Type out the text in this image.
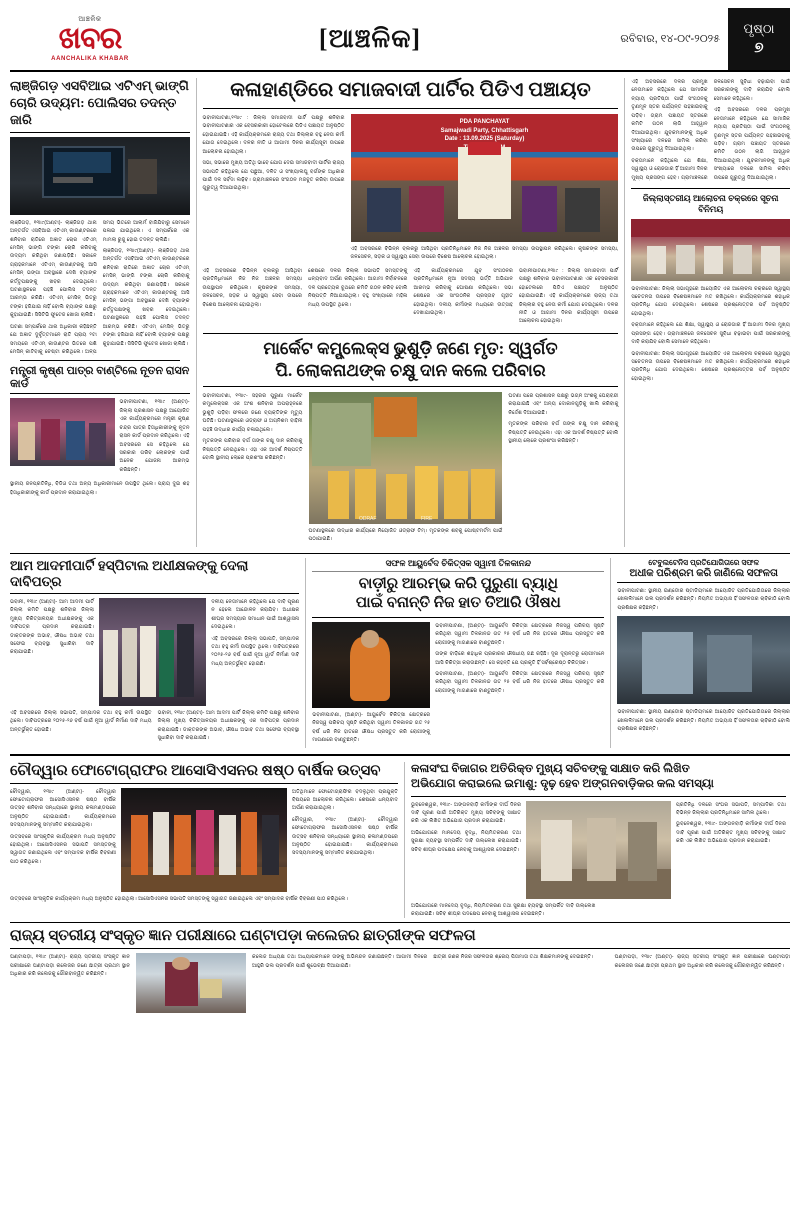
ଆଞ୍ଚଳିକ
ଖବର
AANCHALIKA KHABAR
[ଆଞ୍ଚଳିକ]	ରବିବାର, ୧୪-୦୯-୨୦୨୫
ପୃଷ୍ଠା
୭
ଲାଞ୍ଜିଗଡ଼ ଏସବିଆଇ ଏଟିଏମ୍ ଭାଙ୍ଗି
ଚୋରି ଉଦ୍ୟମ: ପୋଲିସର ତଦନ୍ତ ଜାରି

ଲାଞ୍ଜିଗଡ଼, ୧୩ା୯(ଅଣ୍ଟା)- ଲାଞ୍ଜିଗଡ଼ ଥାନା ଅନ୍ତର୍ଗତ ଏସବିଆଇ ଏଟିଏମ୍ କାଉଣ୍ଟରରେ ଶନିବାର ରାତିରେ ଅଜ୍ଞାତ ଚୋର ଏଟିଏମ୍ ମେସିନ୍ ଭାଙ୍ଗି ଟଙ୍କା ଚୋରି କରିବାକୁ ଉଦ୍ୟମ କରିଥିବା ଜଣାପଡ଼ିଛି। ସକାଳେ ଗ୍ରାହକମାନେ ଏଟିଏମ୍ କାଉଣ୍ଟରକୁ ଆସି ମେସିନ୍ ଭଙ୍ଗା ଅବସ୍ଥାରେ ଦେଖି ବ୍ୟାଙ୍କ କର୍ତ୍ତୃପକ୍ଷଙ୍କୁ ଖବର ଦେଇଥିଲେ। ଘଟଣାସ୍ଥଳରେ ପହଞ୍ଚି ପୋଲିସ ତଦନ୍ତ ଆରମ୍ଭ କରିଛି। ଏଟିଏମ୍ ମେସିନ୍ ଭିତରୁ ଟଙ୍କା ହଜିଯାଇ ନାହିଁ ବୋଲି ବ୍ୟାଙ୍କ ପକ୍ଷରୁ କୁହାଯାଇଛି। ସିସିଟିଭି ଫୁଟେଜ ଖୋଜା ଚାଲିଛି।

ଘଟଣା ସମ୍ପର୍କରେ ଥାନା ଅଧିକାରୀ କହିଛନ୍ତି ଯେ ଅଜ୍ଞାତ ଦୁର୍ବୃତ୍ତମାନେ ରାତି ପ୍ରାୟ ୨ଟା ସମୟରେ ଏଟିଏମ୍ କାଉଣ୍ଟର ଭିତରେ ପଶି ମେସିନ୍ କାଟିବାକୁ ଚେଷ୍ଟା କରିଥିଲେ। ଅଳ୍ପ ସମୟ ଭିତରେ ଆଲାର୍ମ ବାଜିଯିବାରୁ ସେମାନେ ପଳାଇ ଯାଇଥିଲେ। ଏ ସମ୍ପର୍କରେ ଏକ ମାମଲା ରୁଜୁ ହୋଇ ତଦନ୍ତ ଚାଲିଛି।

ଲାଞ୍ଜିଗଡ଼, ୧୩ା୯(ଅଣ୍ଟା)- ଲାଞ୍ଜିଗଡ଼ ଥାନା ଅନ୍ତର୍ଗତ ଏସବିଆଇ ଏଟିଏମ୍ କାଉଣ୍ଟରରେ ଶନିବାର ରାତିରେ ଅଜ୍ଞାତ ଚୋର ଏଟିଏମ୍ ମେସିନ୍ ଭାଙ୍ଗି ଟଙ୍କା ଚୋରି କରିବାକୁ ଉଦ୍ୟମ କରିଥିବା ଜଣାପଡ଼ିଛି। ସକାଳେ ଗ୍ରାହକମାନେ ଏଟିଏମ୍ କାଉଣ୍ଟରକୁ ଆସି ମେସିନ୍ ଭଙ୍ଗା ଅବସ୍ଥାରେ ଦେଖି ବ୍ୟାଙ୍କ କର୍ତ୍ତୃପକ୍ଷଙ୍କୁ ଖବର ଦେଇଥିଲେ। ଘଟଣାସ୍ଥଳରେ ପହଞ୍ଚି ପୋଲିସ ତଦନ୍ତ ଆରମ୍ଭ କରିଛି। ଏଟିଏମ୍ ମେସିନ୍ ଭିତରୁ ଟଙ୍କା ହଜିଯାଇ ନାହିଁ ବୋଲି ବ୍ୟାଙ୍କ ପକ୍ଷରୁ କୁହାଯାଇଛି। ସିସିଟିଭି ଫୁଟେଜ ଖୋଜା ଚାଲିଛି।

ମନ୍ତ୍ରୀ କୃଷ୍ଣ ପାତ୍ର ବାଣ୍ଟିଲେ ନୂତନ ରାସନ କାର୍ଡ

ଭବାନୀପାଟଣା, ୧୩ା୯ (ଅଣ୍ଟା)- ଜିଲ୍ଲା ପ୍ରଶାସନ ପକ୍ଷରୁ ଆୟୋଜିତ ଏକ କାର୍ଯ୍ୟକ୍ରମରେ ମନ୍ତ୍ରୀ କୃଷ୍ଣ ଚନ୍ଦ୍ର ପାତ୍ର ହିତାଧିକାରୀଙ୍କୁ ନୂତନ ରାସନ କାର୍ଡ ପ୍ରଦାନ କରିଥିଲେ। ଏହି ଅବସରରେ ସେ କହିଥିଲେ ଯେ ସରକାର ଗରିବ ଲୋକଙ୍କ ପାଇଁ ଅନେକ ଯୋଜନା ଆରମ୍ଭ କରିଛନ୍ତି।

ସ୍ଥାନୀୟ ଜନପ୍ରତିନିଧି, ବିଡିଓ ତଥା ଅନ୍ୟ ଅଧିକାରୀମାନେ ଉପସ୍ଥିତ ଥିଲେ। ପ୍ରାୟ ଦୁଇ ଶହ ହିତାଧିକାରୀଙ୍କୁ କାର୍ଡ ପ୍ରଦାନ କରାଯାଇଥିଲା।

କଳାହାଣ୍ଡିରେ ସମାଜବାଦୀ ପାର୍ଟିର ପିଡିଏ ପଞ୍ଚାୟତ

ଭବାନୀପାଟଣା,୧୩ା୯ : ଜିଲ୍ଲା ସମାଜବାଦୀ ପାର୍ଟି ପକ୍ଷରୁ ଶନିବାର ଭବାନୀପାଟଣାର ଏକ ବେସରକାରୀ ହୋଟେଲରେ ପିଡିଏ ପଞ୍ଚାୟତ ଅନୁଷ୍ଠିତ ହୋଇଯାଇଛି। ଏହି କାର୍ଯ୍ୟକ୍ରମରେ ରାଜ୍ୟ ତଥା ଜିଲ୍ଲାର ବହୁ ନେତା କର୍ମୀ ଯୋଗ ଦେଇଥିଲେ। ଦଳର ନୀତି ଓ ଆଗାମୀ ଦିନର କାର୍ଯ୍ୟସୂଚୀ ଉପରେ ଆଲୋଚନା ହୋଇଥିଲା।

ସଭା, ସଭାରେ ମୁଖ୍ୟ ଅତିଥି ଭାବେ ଯୋଗ ଦେଇ ସମାଜବାଦୀ ପାର୍ଟିର ରାଜ୍ୟ ସଭାପତି କହିଥିଲେ ଯେ ପଛୁଆ, ଦଳିତ ଓ ସଂଖ୍ୟାଲଘୁ ବର୍ଗଙ୍କ ଅଧିକାର ପାଇଁ ଦଳ ସର୍ବଦା ଲଢ଼ିବ। ଗ୍ରାମାଞ୍ଚଳରେ ସଂଗଠନ ମଜବୁତ କରିବା ଉପରେ ଗୁରୁତ୍ୱ ଦିଆଯାଇଥିଲା।

PDA PANCHAYAT
Samajwadi Party, Chhattisgarh
Date : 13.09.2025 (Saturday)

ଏହି ଅବସରରେ ବିଭିନ୍ନ ବ୍ଲକରୁ ଆସିଥିବା ପ୍ରତିନିଧିମାନେ ନିଜ ନିଜ ଅଞ୍ଚଳର ସମସ୍ୟା ଉପସ୍ଥାପନ କରିଥିଲେ। କୃଷକଙ୍କ ସମସ୍ୟା, ଜଳସେଚନ, ସଡ଼କ ଓ ସ୍ୱାସ୍ଥ୍ୟ ସେବା ଉପରେ ବିଶେଷ ଆଲୋଚନା ହୋଇଥିଲା।

ଏହି ଅବସରରେ ବିଭିନ୍ନ ବ୍ଲକରୁ ଆସିଥିବା ପ୍ରତିନିଧିମାନେ ନିଜ ନିଜ ଅଞ୍ଚଳର ସମସ୍ୟା ଉପସ୍ଥାପନ କରିଥିଲେ। କୃଷକଙ୍କ ସମସ୍ୟା, ଜଳସେଚନ, ସଡ଼କ ଓ ସ୍ୱାସ୍ଥ୍ୟ ସେବା ଉପରେ ବିଶେଷ ଆଲୋଚନା ହୋଇଥିଲା।

ଶେଷରେ ଦଳର ଜିଲ୍ଲା ସଭାପତି ସମସ୍ତଙ୍କୁ ଧନ୍ୟବାଦ ଅର୍ପଣ କରିଥିଲେ। ଆଗାମୀ ନିର୍ବାଚନରେ ଦଳ ପ୍ରତ୍ୟେକ ବୁଥରେ କମିଟି ଗଠନ କରିବ ବୋଲି ନିଷ୍ପତ୍ତି ନିଆଯାଇଥିଲା। ବହୁ ସଂଖ୍ୟାରେ ମହିଳା ମଧ୍ୟ ଉପସ୍ଥିତ ଥିଲେ।

ଏହି କାର୍ଯ୍ୟକ୍ରମରେ ଯୁବ ସଂଗଠନର ପ୍ରତିନିଧିମାନେ ନୂଆ ସଦସ୍ୟ ଭର୍ତ୍ତି ଅଭିଯାନ ଆରମ୍ଭ କରିବାକୁ ଘୋଷଣା କରିଥିଲେ। ସଭା ଶେଷରେ ଏକ ସାଂଗଠନିକ ପ୍ରସ୍ତାବ ଗୃହୀତ ହୋଇଥିଲା। ଦଳୀୟ କର୍ମୀଙ୍କ ମଧ୍ୟରେ ଉତ୍ସାହ ଦେଖାଯାଇଥିଲା।

ଭବାନୀପାଟଣା,୧୩ା୯ : ଜିଲ୍ଲା ସମାଜବାଦୀ ପାର୍ଟି ପକ୍ଷରୁ ଶନିବାର ଭବାନୀପାଟଣାର ଏକ ବେସରକାରୀ ହୋଟେଲରେ ପିଡିଏ ପଞ୍ଚାୟତ ଅନୁଷ୍ଠିତ ହୋଇଯାଇଛି। ଏହି କାର୍ଯ୍ୟକ୍ରମରେ ରାଜ୍ୟ ତଥା ଜିଲ୍ଲାର ବହୁ ନେତା କର୍ମୀ ଯୋଗ ଦେଇଥିଲେ। ଦଳର ନୀତି ଓ ଆଗାମୀ ଦିନର କାର୍ଯ୍ୟସୂଚୀ ଉପରେ ଆଲୋଚନା ହୋଇଥିଲା।

ମାର୍କେଟ କମ୍ପ୍ଲେକ୍ସ ଭୁଶୁଡ଼ି ଜଣେ ମୃତ: ସ୍ୱର୍ଗତ
ପି. ଲୋକନାଥଙ୍କ ଚକ୍ଷୁ ଦାନ କଲେ ପରିବାର

ଭବାନୀପାଟଣା, ୧୩ା୯- ସହରର ପୁରୁଣା ମାର୍କେଟ କମ୍ପ୍ଲେକ୍ସର ଏକ ଅଂଶ ଶନିବାର ଅପରାହ୍ନରେ ଭୁଶୁଡ଼ି ପଡ଼ିବା ଫଳରେ ଜଣେ ବ୍ୟକ୍ତିଙ୍କ ମୃତ୍ୟୁ ଘଟିଛି। ଘଟଣାସ୍ଥଳରେ ଓଡ୍ରାଫ ଓ ଅଗ୍ନିଶମ ବାହିନୀ ପହଞ୍ଚି ଉଦ୍ଧାର କାର୍ଯ୍ୟ ଚଳାଇଥିଲେ।

ମୃତକଙ୍କ ପରିବାର ବର୍ଗ ତାଙ୍କ ଚକ୍ଷୁ ଦାନ କରିବାକୁ ନିଷ୍ପତ୍ତି ନେଇଥିଲେ। ଏହା ଏକ ଆଦର୍ଶ ନିଷ୍ପତ୍ତି ବୋଲି ସ୍ଥାନୀୟ ଲୋକେ ପ୍ରଶଂସା କରିଛନ୍ତି।

ODRAF	FIRE

ଘଟଣାସ୍ଥଳରେ ଉଦ୍ଧାର କାର୍ଯ୍ୟରେ ନିୟୋଜିତ ଓଡ୍ରାଫ ଟିମ୍। ମୃତକଙ୍କ ଶବକୁ ପୋଷ୍ଟମର୍ଟମ ପାଇଁ ପଠାଯାଇଛି।

ଘଟଣା ପରେ ପ୍ରଶାସନ ପକ୍ଷରୁ ଭଗ୍ନ ଅଂଶକୁ ଘେରାବନ୍ଦୀ କରାଯାଇଛି ଏବଂ ଅନ୍ୟ ଦୋକାନଗୁଡ଼ିକୁ ଖାଲି କରିବାକୁ ନିର୍ଦ୍ଦେଶ ଦିଆଯାଇଛି।

ମୃତକଙ୍କ ପରିବାର ବର୍ଗ ତାଙ୍କ ଚକ୍ଷୁ ଦାନ କରିବାକୁ ନିଷ୍ପତ୍ତି ନେଇଥିଲେ। ଏହା ଏକ ଆଦର୍ଶ ନିଷ୍ପତ୍ତି ବୋଲି ସ୍ଥାନୀୟ ଲୋକେ ପ୍ରଶଂସା କରିଛନ୍ତି।

ଏହି ଅବସରରେ ଦଳର ପ୍ରମୁଖ ନେତାମାନେ କହିଥିଲେ ଯେ ସାମାଜିକ ନ୍ୟାୟ ପ୍ରତିଷ୍ଠା ପାଇଁ ସଂଗଠନକୁ ତୃଣମୂଳ ସ୍ତର ପର୍ଯ୍ୟନ୍ତ ପହଞ୍ଚାଇବାକୁ ପଡ଼ିବ। ଗ୍ରାମ ପଞ୍ଚାୟତ ସ୍ତରରେ କମିଟି ଗଠନ ଲାଗି ଆହ୍ୱାନ ଦିଆଯାଇଥିଲା। ଯୁବକମାନଙ୍କୁ ଅଧିକ ସଂଖ୍ୟାରେ ଦଳରେ ସାମିଲ କରିବା ଉପରେ ଗୁରୁତ୍ୱ ଦିଆଯାଇଥିଲା।

ବକ୍ତାମାନେ କହିଥିଲେ ଯେ ଶିକ୍ଷା, ସ୍ୱାସ୍ଥ୍ୟ ଓ ରୋଜଗାର ହିଁ ଆଗାମୀ ଦିନର ମୁଖ୍ୟ ପ୍ରସଙ୍ଗ ହେବ। ଗ୍ରାମାଞ୍ଚଳରେ ଜଳସେଚନ ସୁବିଧା ବଢ଼ାଇବା ପାଇଁ ସରକାରଙ୍କୁ ଦାବି କରାଯିବ ବୋଲି ସେମାନେ କହିଥିଲେ।

ଏହି ଅବସରରେ ଦଳର ପ୍ରମୁଖ ନେତାମାନେ କହିଥିଲେ ଯେ ସାମାଜିକ ନ୍ୟାୟ ପ୍ରତିଷ୍ଠା ପାଇଁ ସଂଗଠନକୁ ତୃଣମୂଳ ସ୍ତର ପର୍ଯ୍ୟନ୍ତ ପହଞ୍ଚାଇବାକୁ ପଡ଼ିବ। ଗ୍ରାମ ପଞ୍ଚାୟତ ସ୍ତରରେ କମିଟି ଗଠନ ଲାଗି ଆହ୍ୱାନ ଦିଆଯାଇଥିଲା। ଯୁବକମାନଙ୍କୁ ଅଧିକ ସଂଖ୍ୟାରେ ଦଳରେ ସାମିଲ କରିବା ଉପରେ ଗୁରୁତ୍ୱ ଦିଆଯାଇଥିଲା।

ଜିଲ୍ଲାସ୍ତରୀୟ ଆଲୋଚନା ଚକ୍ରରେ ସୂଚନା ବିନିମୟ

ଭବାନୀପାଟଣା: ଜିଲ୍ଲା ସଭାଗୃହରେ ଆୟୋଜିତ ଏକ ଆଲୋଚନା ଚକ୍ରରେ ସ୍ୱାସ୍ଥ୍ୟ ସଚେତନତା ଉପରେ ବିଶେଷଜ୍ଞମାନେ ମତ ରଖିଥିଲେ। କାର୍ଯ୍ୟକ୍ରମରେ ଶହାଧିକ ପ୍ରତିନିଧି ଯୋଗ ଦେଇଥିଲେ। ଶେଷରେ ପ୍ରଶ୍ନୋତ୍ତର ପର୍ବ ଅନୁଷ୍ଠିତ ହୋଇଥିଲା।

ବକ୍ତାମାନେ କହିଥିଲେ ଯେ ଶିକ୍ଷା, ସ୍ୱାସ୍ଥ୍ୟ ଓ ରୋଜଗାର ହିଁ ଆଗାମୀ ଦିନର ମୁଖ୍ୟ ପ୍ରସଙ୍ଗ ହେବ। ଗ୍ରାମାଞ୍ଚଳରେ ଜଳସେଚନ ସୁବିଧା ବଢ଼ାଇବା ପାଇଁ ସରକାରଙ୍କୁ ଦାବି କରାଯିବ ବୋଲି ସେମାନେ କହିଥିଲେ।

ଭବାନୀପାଟଣା: ଜିଲ୍ଲା ସଭାଗୃହରେ ଆୟୋଜିତ ଏକ ଆଲୋଚନା ଚକ୍ରରେ ସ୍ୱାସ୍ଥ୍ୟ ସଚେତନତା ଉପରେ ବିଶେଷଜ୍ଞମାନେ ମତ ରଖିଥିଲେ। କାର୍ଯ୍ୟକ୍ରମରେ ଶହାଧିକ ପ୍ରତିନିଧି ଯୋଗ ଦେଇଥିଲେ। ଶେଷରେ ପ୍ରଶ୍ନୋତ୍ତର ପର୍ବ ଅନୁଷ୍ଠିତ ହୋଇଥିଲା।

ଆମ ଆଦମୀପାର୍ଟି ହସ୍ପିଟାଲ ଅଧୀକ୍ଷକଙ୍କୁ ଦେଲା ଦାବିପତ୍ର

ଭବାନୀ, ୧୩ା୯ (ଅଣ୍ଟା)- ଆମ ଆଦମୀ ପାର୍ଟି ଜିଲ୍ଲା କମିଟି ପକ୍ଷରୁ ଶନିବାର ଜିଲ୍ଲା ମୁଖ୍ୟ ଚିକିତ୍ସାଳୟର ଅଧୀକ୍ଷକଙ୍କୁ ଏକ ଦାବିପତ୍ର ପ୍ରଦାନ କରାଯାଇଛି। ଡାକ୍ତରଙ୍କ ଅଭାବ, ଔଷଧ ଅଭାବ ତଥା ସଫେଇ ବ୍ୟବସ୍ଥା ସୁଧାରିବା ଦାବି କରାଯାଇଛି।

ଦଳୀୟ ନେତାମାନେ କହିଥିଲେ ଯେ ଦାବି ପୂରଣ ନ ହେଲେ ଆନ୍ଦୋଳନ କରାଯିବ। ଅଧୀକ୍ଷକ ଶୀଘ୍ର ସମସ୍ୟାର ସମାଧାନ ପାଇଁ ଆଶ୍ୱାସନା ଦେଇଥିଲେ।

ଏହି ଅବସରରେ ଜିଲ୍ଲା ସଭାପତି, ସମ୍ପାଦକ ତଥା ବହୁ କର୍ମୀ ଉପସ୍ଥିତ ଥିଲେ। ଦାବିପତ୍ରରେ ୨୦୨୫-୨୬ ବର୍ଷ ପାଇଁ ନୂଆ ୱାର୍ଡ ନିର୍ମାଣ ଦାବି ମଧ୍ୟ ଅନ୍ତର୍ଭୁକ୍ତ ହୋଇଛି।

ଏହି ଅବସରରେ ଜିଲ୍ଲା ସଭାପତି, ସମ୍ପାଦକ ତଥା ବହୁ କର୍ମୀ ଉପସ୍ଥିତ ଥିଲେ। ଦାବିପତ୍ରରେ ୨୦୨୫-୨୬ ବର୍ଷ ପାଇଁ ନୂଆ ୱାର୍ଡ ନିର୍ମାଣ ଦାବି ମଧ୍ୟ ଅନ୍ତର୍ଭୁକ୍ତ ହୋଇଛି।

ଭବାନୀ, ୧୩ା୯ (ଅଣ୍ଟା)- ଆମ ଆଦମୀ ପାର୍ଟି ଜିଲ୍ଲା କମିଟି ପକ୍ଷରୁ ଶନିବାର ଜିଲ୍ଲା ମୁଖ୍ୟ ଚିକିତ୍ସାଳୟର ଅଧୀକ୍ଷକଙ୍କୁ ଏକ ଦାବିପତ୍ର ପ୍ରଦାନ କରାଯାଇଛି। ଡାକ୍ତରଙ୍କ ଅଭାବ, ଔଷଧ ଅଭାବ ତଥା ସଫେଇ ବ୍ୟବସ୍ଥା ସୁଧାରିବା ଦାବି କରାଯାଇଛି।

ସଫଳ ଆୟୁର୍ବେଦ ଚିକିତ୍ସକ ସ୍ୱାମୀ ତିଳକାନନ୍ଦ
ବାଡ଼ୀରୁ ଆରମ୍ଭ କରି ପୁରୁଣା ବ୍ୟାଧି
ପାଇଁ ବନାନ୍ତି ନିଜ ହାତ ତିଆରି ଔଷଧ

ଭବାନୀପାଟଣା, (ଅଣ୍ଟା)- ଆୟୁର୍ବେଦ ଚିକିତ୍ସା କ୍ଷେତ୍ରରେ ନିଜସ୍ୱ ପରିଚୟ ସୃଷ୍ଟି କରିଥିବା ସ୍ୱାମୀ ତିଳକାନନ୍ଦ ଗତ ୨୫ ବର୍ଷ ଧରି ନିଜ ହାତରେ ଔଷଧ ପ୍ରସ୍ତୁତ କରି ରୋଗୀଙ୍କୁ ମାଗଣାରେ ବାଣ୍ଟୁଛନ୍ତି।

ଭବାନୀପାଟଣା, (ଅଣ୍ଟା)- ଆୟୁର୍ବେଦ ଚିକିତ୍ସା କ୍ଷେତ୍ରରେ ନିଜସ୍ୱ ପରିଚୟ ସୃଷ୍ଟି କରିଥିବା ସ୍ୱାମୀ ତିଳକାନନ୍ଦ ଗତ ୨୫ ବର୍ଷ ଧରି ନିଜ ହାତରେ ଔଷଧ ପ୍ରସ୍ତୁତ କରି ରୋଗୀଙ୍କୁ ମାଗଣାରେ ବାଣ୍ଟୁଛନ୍ତି।

ତାଙ୍କ ବାଡ଼ିରେ ଶହାଧିକ ପ୍ରକାରର ଔଷଧୀୟ ଗଛ ରହିଛି। ଦୂର ଦୂରାନ୍ତରୁ ରୋଗୀମାନେ ଆସି ଚିକିତ୍ସା କରାଉଛନ୍ତି। ସେ କହନ୍ତି ଯେ ପ୍ରକୃତି ହିଁ ସର୍ବଶ୍ରେଷ୍ଠ ଚିକିତ୍ସକ।

ଭବାନୀପାଟଣା, (ଅଣ୍ଟା)- ଆୟୁର୍ବେଦ ଚିକିତ୍ସା କ୍ଷେତ୍ରରେ ନିଜସ୍ୱ ପରିଚୟ ସୃଷ୍ଟି କରିଥିବା ସ୍ୱାମୀ ତିଳକାନନ୍ଦ ଗତ ୨୫ ବର୍ଷ ଧରି ନିଜ ହାତରେ ଔଷଧ ପ୍ରସ୍ତୁତ କରି ରୋଗୀଙ୍କୁ ମାଗଣାରେ ବାଣ୍ଟୁଛନ୍ତି।

ଟେବୁଲଟେନିସ ପ୍ରତିଯୋଗିତାରେ ସଫଳ
ଅଧୀକ ପରିଶ୍ରମ କରି ଜାଣିଲେ ସଫଳତା

ଭବାନୀପାଟଣା: ସ୍ଥାନୀୟ ଇଣ୍ଡୋର ଷ୍ଟାଡିୟମରେ ଆୟୋଜିତ ପ୍ରତିଯୋଗିତାରେ ଜିଲ୍ଲାର ଖେଳାଳିମାନେ ଭଲ ପ୍ରଦର୍ଶନ କରିଛନ୍ତି। ନିୟମିତ ଅଭ୍ୟାସ ହିଁ ସଫଳତାର ଚାବିକାଠି ବୋଲି ପ୍ରଶିକ୍ଷକ କହିଛନ୍ତି।

ଭବାନୀପାଟଣା: ସ୍ଥାନୀୟ ଇଣ୍ଡୋର ଷ୍ଟାଡିୟମରେ ଆୟୋଜିତ ପ୍ରତିଯୋଗିତାରେ ଜିଲ୍ଲାର ଖେଳାଳିମାନେ ଭଲ ପ୍ରଦର୍ଶନ କରିଛନ୍ତି। ନିୟମିତ ଅଭ୍ୟାସ ହିଁ ସଫଳତାର ଚାବିକାଠି ବୋଲି ପ୍ରଶିକ୍ଷକ କହିଛନ୍ତି।

ଚୌଦ୍ୱାର ଫୋଟୋଗ୍ରାଫର ଆସୋସିଏସନର ଷଷ୍ଠ ବାର୍ଷିକ ଉତ୍ସବ

ଚୌଦ୍ୱାର, ୧୩ା୯ (ଅଣ୍ଟା)- ଚୌଦ୍ୱାର ଫୋଟୋଗ୍ରାଫର ଆସୋସିଏସନର ଷଷ୍ଠ ବାର୍ଷିକ ଉତ୍ସବ ଶନିବାର ସନ୍ଧ୍ୟାରେ ସ୍ଥାନୀୟ କଳାମଣ୍ଡପରେ ଅନୁଷ୍ଠିତ ହୋଇଯାଇଛି। କାର୍ଯ୍ୟକ୍ରମରେ ସଦସ୍ୟମାନଙ୍କୁ ସମ୍ମାନିତ କରାଯାଇଥିଲା।

ଉତ୍ସବରେ ସାଂସ୍କୃତିକ କାର୍ଯ୍ୟକ୍ରମ ମଧ୍ୟ ଅନୁଷ୍ଠିତ ହୋଇଥିଲା। ଆସୋସିଏସନର ସଭାପତି ସମସ୍ତଙ୍କୁ ସ୍ୱାଗତ ଜଣାଇଥିଲେ ଏବଂ ସମ୍ପାଦକ ବାର୍ଷିକ ବିବରଣୀ ପାଠ କରିଥିଲେ।

ଅତିଥିମାନେ ଫୋଟୋଗ୍ରାଫିର ବଦଳୁଥିବା ପ୍ରଯୁକ୍ତି ବିଷୟରେ ଆଲୋଚନା କରିଥିଲେ। ଶେଷରେ ଧନ୍ୟବାଦ ଅର୍ପଣ କରାଯାଇଥିଲା।

ଚୌଦ୍ୱାର, ୧୩ା୯ (ଅଣ୍ଟା)- ଚୌଦ୍ୱାର ଫୋଟୋଗ୍ରାଫର ଆସୋସିଏସନର ଷଷ୍ଠ ବାର୍ଷିକ ଉତ୍ସବ ଶନିବାର ସନ୍ଧ୍ୟାରେ ସ୍ଥାନୀୟ କଳାମଣ୍ଡପରେ ଅନୁଷ୍ଠିତ ହୋଇଯାଇଛି। କାର୍ଯ୍ୟକ୍ରମରେ ସଦସ୍ୟମାନଙ୍କୁ ସମ୍ମାନିତ କରାଯାଇଥିଲା।

ଉତ୍ସବରେ ସାଂସ୍କୃତିକ କାର୍ଯ୍ୟକ୍ରମ ମଧ୍ୟ ଅନୁଷ୍ଠିତ ହୋଇଥିଲା। ଆସୋସିଏସନର ସଭାପତି ସମସ୍ତଙ୍କୁ ସ୍ୱାଗତ ଜଣାଇଥିଲେ ଏବଂ ସମ୍ପାଦକ ବାର୍ଷିକ ବିବରଣୀ ପାଠ କରିଥିଲେ।

କଳାସଂଘ ବିଜାଗର ଅତିରିକ୍ତ ମୁଖ୍ୟ ସଚିବଙ୍କୁ ସାକ୍ଷାତ କରି ଲିଖିତ
ଅଭିଯୋଗ କରାଇଲେ ଇମାଶୁ: ଦୃଢ଼ ହେବ ଅଙ୍ଗନବାଡ଼ିକର କଲ ସମସ୍ୟା

ଭୁବନେଶ୍ୱର, ୧୩ା୯- ଅଙ୍ଗନବାଡ଼ି କର୍ମୀଙ୍କ ଦୀର୍ଘ ଦିନର ଦାବି ପୂରଣ ପାଇଁ ଅତିରିକ୍ତ ମୁଖ୍ୟ ସଚିବଙ୍କୁ ସାକ୍ଷାତ କରି ଏକ ଲିଖିତ ଅଭିଯୋଗ ପ୍ରଦାନ କରାଯାଇଛି।

ଅଭିଯୋଗରେ ମାନଦେୟ ବୃଦ୍ଧି, ନିୟମିତକରଣ ତଥା ସୁରକ୍ଷା ବ୍ୟବସ୍ଥା ସମ୍ପର୍କିତ ଦାବି ଉଲ୍ଲେଖ କରାଯାଇଛି। ସଚିବ ଶୀଘ୍ର ପଦକ୍ଷେପ ନେବାକୁ ଆଶ୍ୱାସନା ଦେଇଛନ୍ତି।

ପ୍ରତିନିଧି ଦଳରେ ସଂଘର ସଭାପତି, ସମ୍ପାଦିକା ତଥା ବିଭିନ୍ନ ଜିଲ୍ଲାର ପ୍ରତିନିଧିମାନେ ସାମିଲ ଥିଲେ।

ଭୁବନେଶ୍ୱର, ୧୩ା୯- ଅଙ୍ଗନବାଡ଼ି କର୍ମୀଙ୍କ ଦୀର୍ଘ ଦିନର ଦାବି ପୂରଣ ପାଇଁ ଅତିରିକ୍ତ ମୁଖ୍ୟ ସଚିବଙ୍କୁ ସାକ୍ଷାତ କରି ଏକ ଲିଖିତ ଅଭିଯୋଗ ପ୍ରଦାନ କରାଯାଇଛି।

ଅଭିଯୋଗରେ ମାନଦେୟ ବୃଦ୍ଧି, ନିୟମିତକରଣ ତଥା ସୁରକ୍ଷା ବ୍ୟବସ୍ଥା ସମ୍ପର୍କିତ ଦାବି ଉଲ୍ଲେଖ କରାଯାଇଛି। ସଚିବ ଶୀଘ୍ର ପଦକ୍ଷେପ ନେବାକୁ ଆଶ୍ୱାସନା ଦେଇଛନ୍ତି।

ରାଜ୍ୟ ସ୍ତରୀୟ ସଂସ୍କୃତ ଜ୍ଞାନ ପରୀକ୍ଷାରେ ଘଣ୍ଟାପଡ଼ା କଲେଜର ଛାତ୍ରୀଙ୍କ ସଫଳତା

ଘଣ୍ଟାପଡ଼ା, ୧୩ା୯ (ଅଣ୍ଟା)- ରାଜ୍ୟ ସ୍ତରୀୟ ସଂସ୍କୃତ ଜ୍ଞାନ ପରୀକ୍ଷାରେ ଘଣ୍ଟାପଡ଼ା କଲେଜର ଜଣେ ଛାତ୍ରୀ ପ୍ରଥମ ସ୍ଥାନ ଅଧିକାର କରି କଲେଜକୁ ଗୌରବାନ୍ୱିତ କରିଛନ୍ତି।

କଲେଜ ଅଧ୍ୟକ୍ଷ ତଥା ଅଧ୍ୟାପକମାନେ ତାଙ୍କୁ ଅଭିନନ୍ଦନ ଜଣାଇଛନ୍ତି। ଆଗାମୀ ଦିନରେ ଆହୁରି ଭଲ ପ୍ରଦର୍ଶନ ପାଇଁ ଶୁଭେଚ୍ଛା ଦିଆଯାଇଛି।

ଛାତ୍ରୀ ଜଣକ ନିଜର ସଫଳତାର ଶ୍ରେୟ ପିତାମାତା ତଥା ଶିକ୍ଷକମାନଙ୍କୁ ଦେଇଛନ୍ତି।	ଘଣ୍ଟାପଡ଼ା, ୧୩ା୯ (ଅଣ୍ଟା)- ରାଜ୍ୟ ସ୍ତରୀୟ ସଂସ୍କୃତ ଜ୍ଞାନ ପରୀକ୍ଷାରେ ଘଣ୍ଟାପଡ଼ା କଲେଜର ଜଣେ ଛାତ୍ରୀ ପ୍ରଥମ ସ୍ଥାନ ଅଧିକାର କରି କଲେଜକୁ ଗୌରବାନ୍ୱିତ କରିଛନ୍ତି।
